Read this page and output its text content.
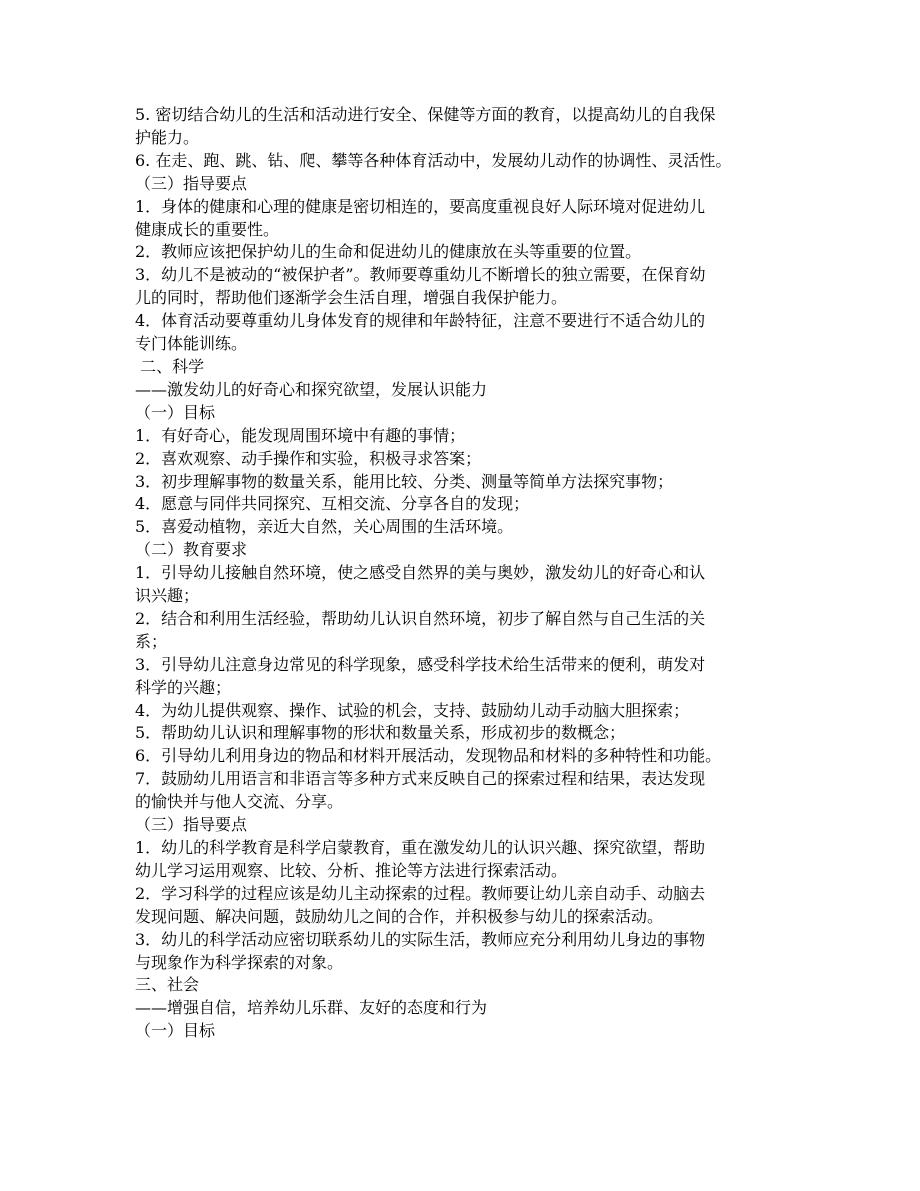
5. 密切结合幼儿的生活和活动进行安全、保健等方面的教育，以提高幼儿的自我保
护能力。
6. 在走、跑、跳、钻、爬、攀等各种体育活动中，发展幼儿动作的协调性、灵活性。
（三）指导要点
1．身体的健康和心理的健康是密切相连的，要高度重视良好人际环境对促进幼儿
健康成长的重要性。
2．教师应该把保护幼儿的生命和促进幼儿的健康放在头等重要的位置。
3．幼儿不是被动的“被保护者”。教师要尊重幼儿不断增长的独立需要，在保育幼
儿的同时，帮助他们逐渐学会生活自理，增强自我保护能力。
4．体育活动要尊重幼儿身体发育的规律和年龄特征，注意不要进行不适合幼儿的
专门体能训练。
二、科学
——激发幼儿的好奇心和探究欲望，发展认识能力
（一）目标
1．有好奇心，能发现周围环境中有趣的事情；
2．喜欢观察、动手操作和实验，积极寻求答案；
3．初步理解事物的数量关系，能用比较、分类、测量等简单方法探究事物；
4．愿意与同伴共同探究、互相交流、分享各自的发现；
5．喜爱动植物，亲近大自然，关心周围的生活环境。
（二）教育要求
1．引导幼儿接触自然环境，使之感受自然界的美与奥妙，激发幼儿的好奇心和认
识兴趣；
2．结合和利用生活经验，帮助幼儿认识自然环境，初步了解自然与自己生活的关
系；
3．引导幼儿注意身边常见的科学现象，感受科学技术给生活带来的便利，萌发对
科学的兴趣；
4．为幼儿提供观察、操作、试验的机会，支持、鼓励幼儿动手动脑大胆探索；
5．帮助幼儿认识和理解事物的形状和数量关系，形成初步的数概念；
6．引导幼儿利用身边的物品和材料开展活动，发现物品和材料的多种特性和功能。
7．鼓励幼儿用语言和非语言等多种方式来反映自己的探索过程和结果，表达发现
的愉快并与他人交流、分享。
（三）指导要点
1．幼儿的科学教育是科学启蒙教育，重在激发幼儿的认识兴趣、探究欲望，帮助
幼儿学习运用观察、比较、分析、推论等方法进行探索活动。
2．学习科学的过程应该是幼儿主动探索的过程。教师要让幼儿亲自动手、动脑去
发现问题、解决问题，鼓励幼儿之间的合作，并积极参与幼儿的探索活动。
3．幼儿的科学活动应密切联系幼儿的实际生活，教师应充分利用幼儿身边的事物
与现象作为科学探索的对象。
三、社会
——增强自信，培养幼儿乐群、友好的态度和行为
（一）目标
